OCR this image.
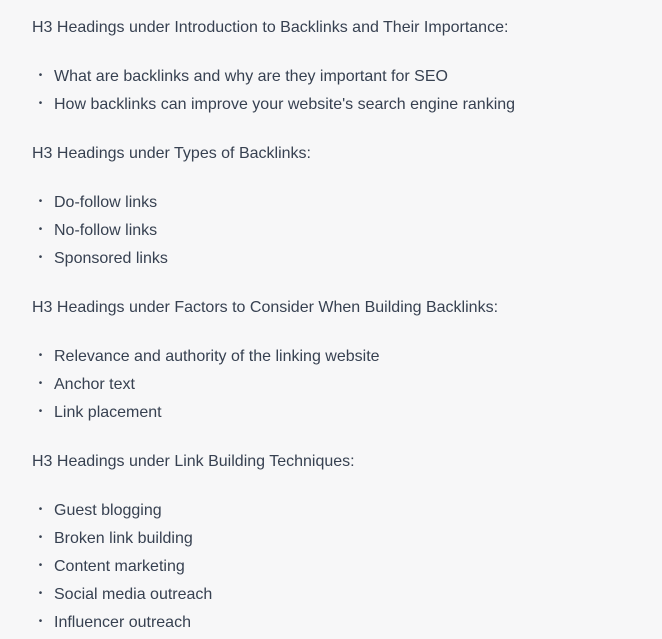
H3 Headings under Introduction to Backlinks and Their Importance:

• What are backlinks and why are they important for SEO
• How backlinks can improve your website's search engine ranking

H3 Headings under Types of Backlinks:

• Do-follow links
• No-follow links
• Sponsored links

H3 Headings under Factors to Consider When Building Backlinks:

• Relevance and authority of the linking website
• Anchor text
• Link placement

H3 Headings under Link Building Techniques:

• Guest blogging
• Broken link building
• Content marketing
• Social media outreach
• Influencer outreach
